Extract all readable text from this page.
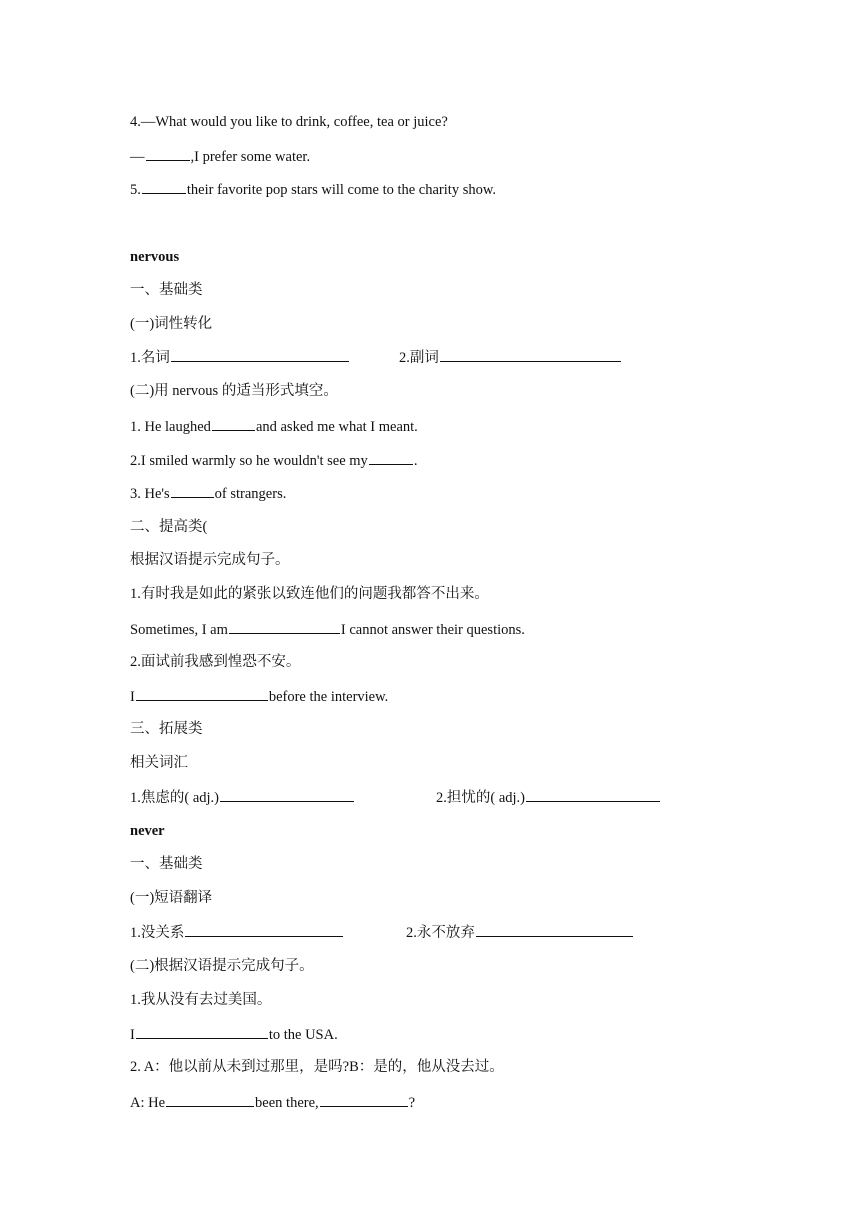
4.—What would you like to drink, coffee, tea or juice?
—	,I prefer some water.
5.	their favorite pop stars will come to the charity show.
nervous
一、基础类
(一)词性转化
1.名词	2.副词
(二)用 nervous 的适当形式填空。
1. He laughed	and asked me what I meant.
2.I smiled warmly so he wouldn't see my	.
3. He's	of strangers.
二、提高类(
根据汉语提示完成句子。
1.有时我是如此的紧张以致连他们的问题我都答不出来。
Sometimes, I am	I cannot answer their questions.
2.面试前我感到惶恐不安。
I	before the interview.
三、拓展类
相关词汇
1.焦虑的( adj.)	2.担忧的( adj.)
never
一、基础类
(一)短语翻译
1.没关系	2.永不放弃
(二)根据汉语提示完成句子。
1.我从没有去过美国。
I	to the USA.
2. A：他以前从未到过那里，是吗?B：是的，他从没去过。
A: He	been there,	?
